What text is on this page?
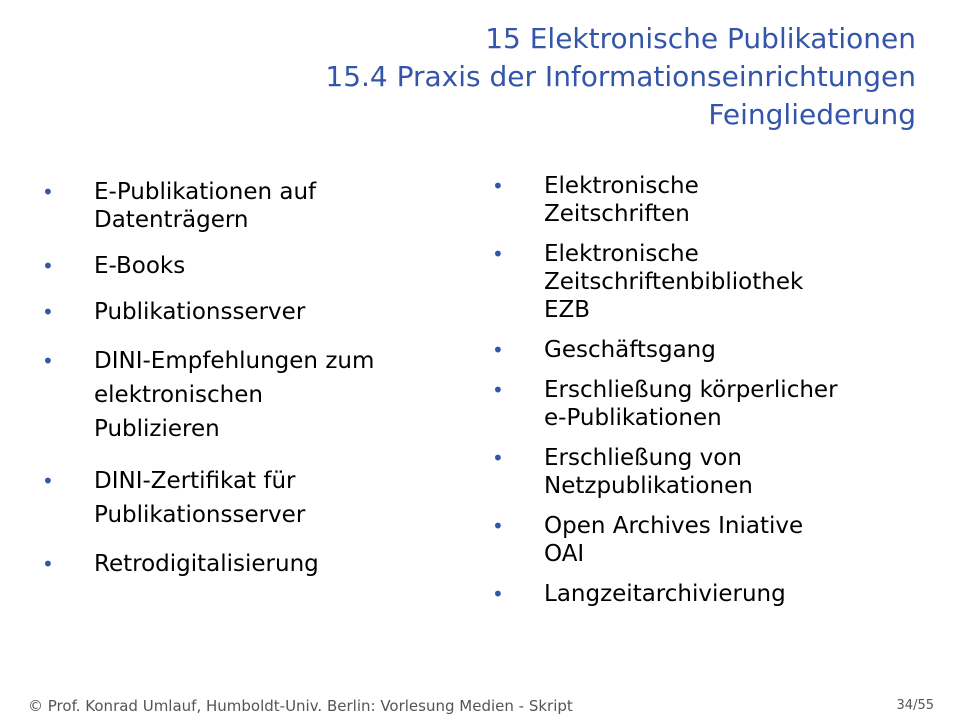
15 Elektronische Publikationen
15.4 Praxis der Informationseinrichtungen
Feingliederung
• E-Publikationen auf
Datenträgern
• E-Books
• Publikationsserver
• DINI-Empfehlungen zum
elektronischen
Publizieren
• DINI-Zertifikat für
Publikationsserver
• Retrodigitalisierung
• Elektronische
Zeitschriften
• Elektronische
Zeitschriftenbibliothek
EZB
• Geschäftsgang
• Erschließung körperlicher
e-Publikationen
• Erschließung von
Netzpublikationen
• Open Archives Iniative
OAI
• Langzeitarchivierung
© Prof. Konrad Umlauf, Humboldt-Univ. Berlin: Vorlesung Medien - Skript	34/55
